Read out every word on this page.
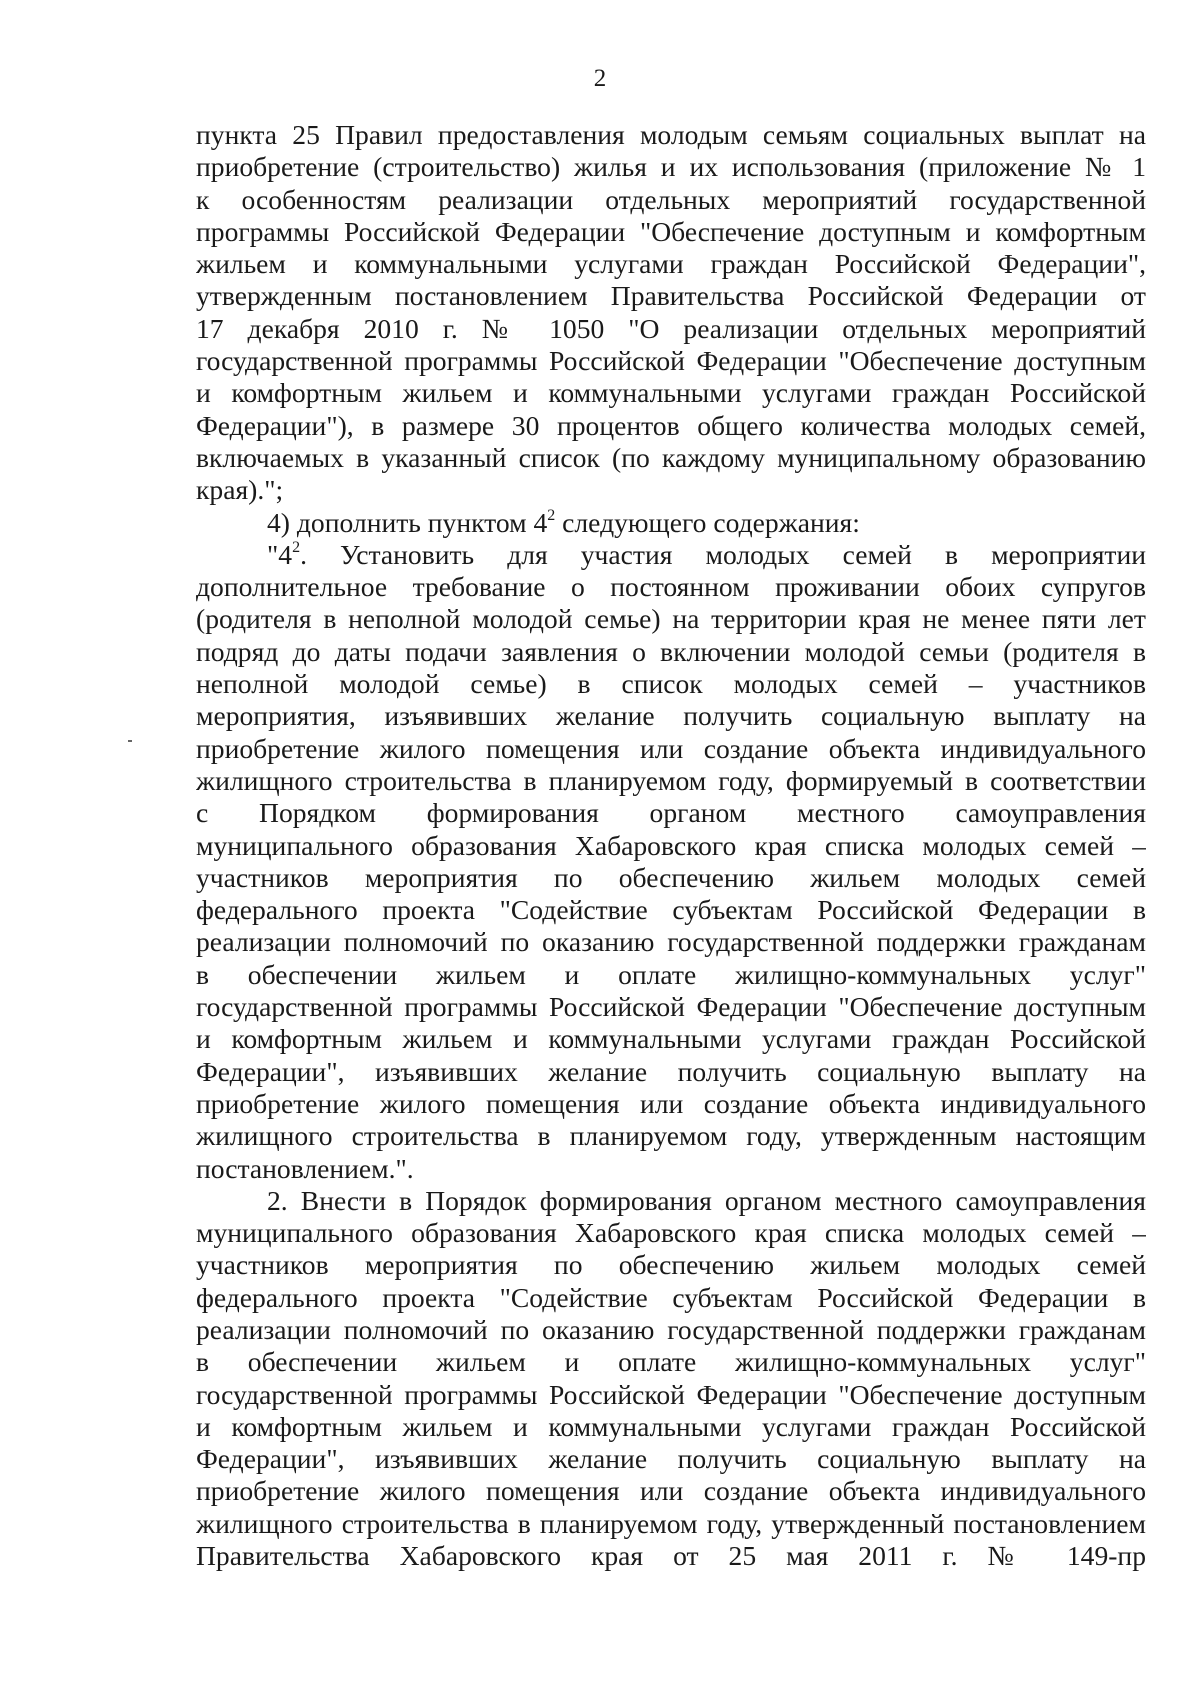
2
пункта 25 Правил предоставления молодым семьям социальных выплат на
приобретение (строительство) жилья и их использования (приложение № 1
к особенностям реализации отдельных мероприятий государственной
программы Российской Федерации "Обеспечение доступным и комфортным
жильем и коммунальными услугами граждан Российской Федерации",
утвержденным постановлением Правительства Российской Федерации от
17 декабря 2010 г. № 1050 "О реализации отдельных мероприятий
государственной программы Российской Федерации "Обеспечение доступным
и комфортным жильем и коммунальными услугами граждан Российской
Федерации"), в размере 30 процентов общего количества молодых семей,
включаемых в указанный список (по каждому муниципальному образованию
края).";
4) дополнить пунктом $4^2$ следующего содержания:
"$4^2$. Установить для участия молодых семей в мероприятии
дополнительное требование о постоянном проживании обоих супругов
(родителя в неполной молодой семье) на территории края не менее пяти лет
подряд до даты подачи заявления о включении молодой семьи (родителя в
неполной молодой семье) в список молодых семей – участников
мероприятия, изъявивших желание получить социальную выплату на
приобретение жилого помещения или создание объекта индивидуального
жилищного строительства в планируемом году, формируемый в соответствии
с Порядком формирования органом местного самоуправления
муниципального образования Хабаровского края списка молодых семей –
участников мероприятия по обеспечению жильем молодых семей
федерального проекта "Содействие субъектам Российской Федерации в
реализации полномочий по оказанию государственной поддержки гражданам
в обеспечении жильем и оплате жилищно-коммунальных услуг"
государственной программы Российской Федерации "Обеспечение доступным
и комфортным жильем и коммунальными услугами граждан Российской
Федерации", изъявивших желание получить социальную выплату на
приобретение жилого помещения или создание объекта индивидуального
жилищного строительства в планируемом году, утвержденным настоящим
постановлением.".
2. Внести в Порядок формирования органом местного самоуправления
муниципального образования Хабаровского края списка молодых семей –
участников мероприятия по обеспечению жильем молодых семей
федерального проекта "Содействие субъектам Российской Федерации в
реализации полномочий по оказанию государственной поддержки гражданам
в обеспечении жильем и оплате жилищно-коммунальных услуг"
государственной программы Российской Федерации "Обеспечение доступным
и комфортным жильем и коммунальными услугами граждан Российской
Федерации", изъявивших желание получить социальную выплату на
приобретение жилого помещения или создание объекта индивидуального
жилищного строительства в планируемом году, утвержденный постановлением
Правительства Хабаровского края от 25 мая 2011 г. № 149-пр
